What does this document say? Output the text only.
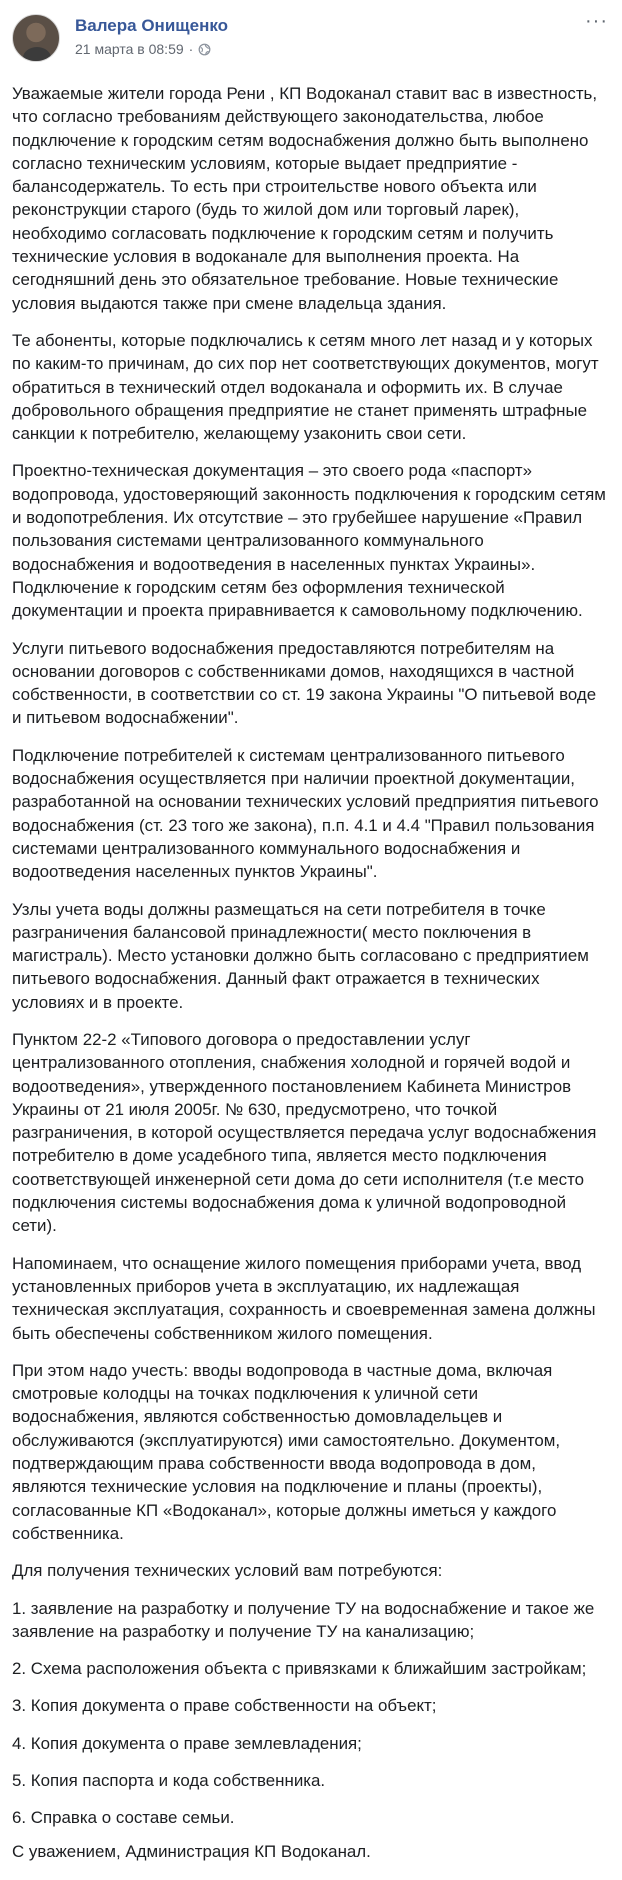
Валера Онищенко
21 марта в 08:59 ·
···

Уважаемые жители города Рени , КП Водоканал ставит вас в известность, что согласно требованиям действующего законодательства, любое подключение к городским сетям водоснабжения должно быть выполнено согласно техническим условиям, которые выдает предприятие - балансодержатель. То есть при строительстве нового объекта или реконструкции старого (будь то жилой дом или торговый ларек), необходимо согласовать подключение к городским сетям и получить технические условия в водоканале для выполнения проекта. На сегодняшний день это обязательное требование. Новые технические условия выдаются также при смене владельца здания.

Те абоненты, которые подключались к сетям много лет назад и у которых по каким-то причинам, до сих пор нет соответствующих документов, могут обратиться в технический отдел водоканала и оформить их. В случае добровольного обращения предприятие не станет применять штрафные санкции к потребителю, желающему узаконить свои сети.

Проектно-техническая документация – это своего рода «паспорт» водопровода, удостоверяющий законность подключения к городским сетям и водопотребления. Их отсутствие – это грубейшее нарушение «Правил пользования системами централизованного коммунального водоснабжения и водоотведения в населенных пунктах Украины». Подключение к городским сетям без оформления технической документации и проекта приравнивается к самовольному подключению.

Услуги питьевого водоснабжения предоставляются потребителям на основании договоров с собственниками домов, находящихся в частной собственности, в соответствии со ст. 19 закона Украины "О питьевой воде и питьевом водоснабжении".

Подключение потребителей к системам централизованного питьевого водоснабжения осуществляется при наличии проектной документации, разработанной на основании технических условий предприятия питьевого водоснабжения (ст. 23 того же закона), п.п. 4.1 и 4.4 "Правил пользования системами централизованного коммунального водоснабжения и водоотведения населенных пунктов Украины".

Узлы учета воды должны размещаться на сети потребителя в точке разграничения балансовой принадлежности( место поключения в магистраль). Место установки должно быть согласовано с предприятием питьевого водоснабжения. Данный факт отражается в технических условиях и в проекте.

Пунктом 22-2 «Типового договора о предоставлении услуг централизованного отопления, снабжения холодной и горячей водой и водоотведения», утвержденного постановлением Кабинета Министров Украины от 21 июля 2005г. № 630, предусмотрено, что точкой разграничения, в которой осуществляется передача услуг водоснабжения потребителю в доме усадебного типа, является место подключения соответствующей инженерной сети дома до сети исполнителя (т.е место подключения системы водоснабжения дома к уличной водопроводной сети).

Напоминаем, что оснащение жилого помещения приборами учета, ввод установленных приборов учета в эксплуатацию, их надлежащая техническая эксплуатация, сохранность и своевременная замена должны быть обеспечены собственником жилого помещения.

При этом надо учесть: вводы водопровода в частные дома, включая смотровые колодцы на точках подключения к уличной сети водоснабжения, являются собственностью домовладельцев и обслуживаются (эксплуатируются) ими самостоятельно. Документом, подтверждающим права собственности ввода водопровода в дом, являются технические условия на подключение и планы (проекты), согласованные КП «Водоканал», которые должны иметься у каждого собственника.

Для получения технических условий вам потребуются:

1. заявление на разработку и получение ТУ на водоснабжение и такое же заявление на разработку и получение ТУ на канализацию;

2. Схема расположения объекта с привязками к ближайшим застройкам;

3. Копия документа о праве собственности на объект;

4. Копия документа о праве землевладения;

5. Копия паспорта и кода собственника.

6. Справка о составе семьи.

С уважением, Администрация КП Водоканал.
